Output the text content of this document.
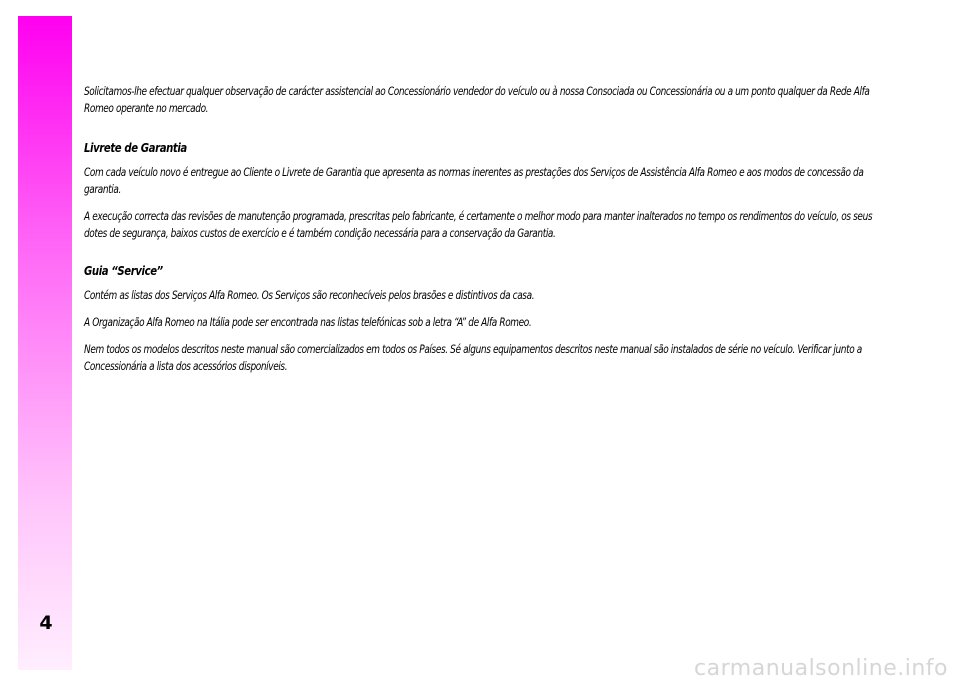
4

Solicitamos-lhe efectuar qualquer observação de carácter assistencial ao Concessionário vendedor do veículo ou à nossa Consociada ou Concessionária ou a um ponto qualquer da Rede Alfa Romeo operante no mercado.

Livrete de Garantia

Com cada veículo novo é entregue ao Cliente o Livrete de Garantia que apresenta as normas inerentes as prestações dos Serviços de Assistência Alfa Romeo e aos modos de concessão da garantia.

A execução correcta das revisões de manutenção programada, prescritas pelo fabricante, é certamente o melhor modo para manter inalterados no tempo os rendimentos do veículo, os seus dotes de segurança, baixos custos de exercício e é também condição necessária para a conservação da Garantia.

Guia “Service”

Contém as listas dos Serviços Alfa Romeo. Os Serviços são reconhecíveis pelos brasões e distintivos da casa.

A Organização Alfa Romeo na Itália pode ser encontrada nas listas telefónicas sob a letra “A” de Alfa Romeo.

Nem todos os modelos descritos neste manual são comercializados em todos os Países. Sé alguns equipamentos descritos neste manual são instalados de série no veículo. Verificar junto a Concessionária a lista dos acessórios disponíveis.

carmanualsonline.info
